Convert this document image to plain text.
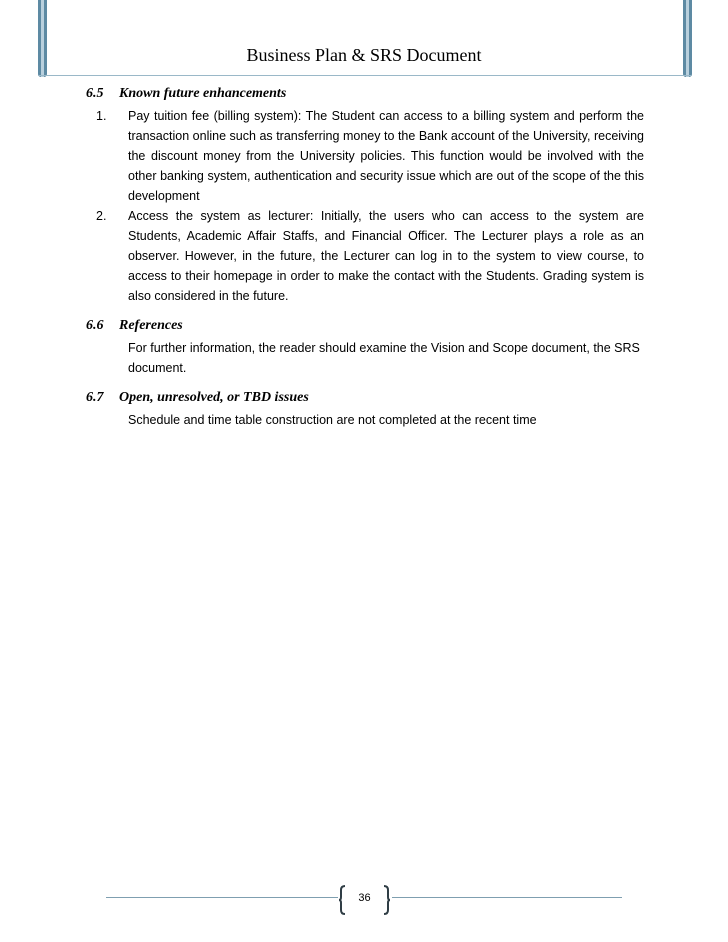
Business Plan & SRS Document
6.5	Known future enhancements
1.	Pay tuition fee (billing system): The Student can access to a billing system and perform the transaction online such as transferring money to the Bank account of the University, receiving the discount money from the University policies. This function would be involved with the other banking system, authentication and security issue which are out of the scope of the this development
2.	Access the system as lecturer: Initially, the users who can access to the system are Students, Academic Affair Staffs, and Financial Officer. The Lecturer plays a role as an observer. However, in the future, the Lecturer can log in to the system to view course, to access to their homepage in order to make the contact with the Students. Grading system is also considered in the future.
6.6	References

For further information, the reader should examine the Vision and Scope document, the SRS document.

6.7	Open, unresolved, or TBD issues

Schedule and time table construction are not completed at the recent time

36
